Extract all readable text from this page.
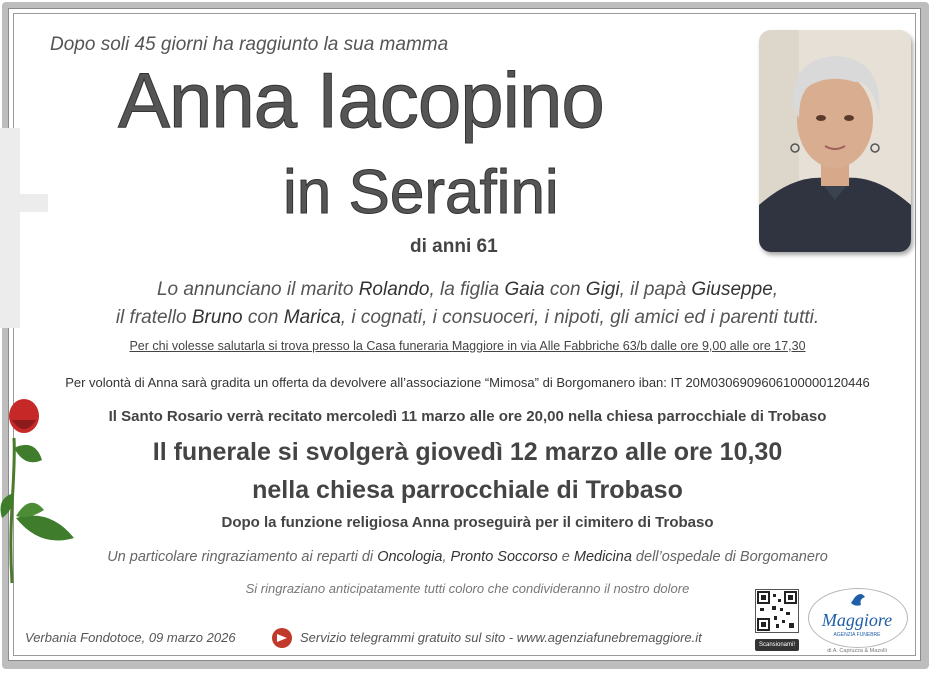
Dopo soli 45 giorni ha raggiunto la sua mamma
Anna Iacopino
in Serafini
di anni 61
Lo annunciano il marito Rolando, la figlia Gaia con Gigi, il papà Giuseppe,
il fratello Bruno con Marica, i cognati, i consuoceri, i nipoti, gli amici ed i parenti tutti.
Per chi volesse salutarla si trova presso la Casa funeraria Maggiore in via Alle Fabbriche 63/b dalle ore 9,00 alle ore 17,30
Per volontà di Anna sarà gradita un offerta da devolvere all’associazione “Mimosa” di Borgomanero iban: IT 20M0306909606100000120446
Il Santo Rosario verrà recitato mercoledì 11 marzo alle ore 20,00 nella chiesa parrocchiale di Trobaso
Il funerale si svolgerà giovedì 12 marzo alle ore 10,30
nella chiesa parrocchiale di Trobaso
Dopo la funzione religiosa Anna proseguirà per il cimitero di Trobaso
Un particolare ringraziamento ai reparti di Oncologia, Pronto Soccorso e Medicina dell’ospedale di Borgomanero
Si ringraziano anticipatamente tutti coloro che condivideranno il nostro dolore
Verbania Fondotoce, 09 marzo 2026	Servizio telegrammi gratuito sul sito - www.agenziafunebremaggiore.it	Scansionami!
Maggiore
AGENZIA FUNEBRE
di A. Capruzza & Mazolli
